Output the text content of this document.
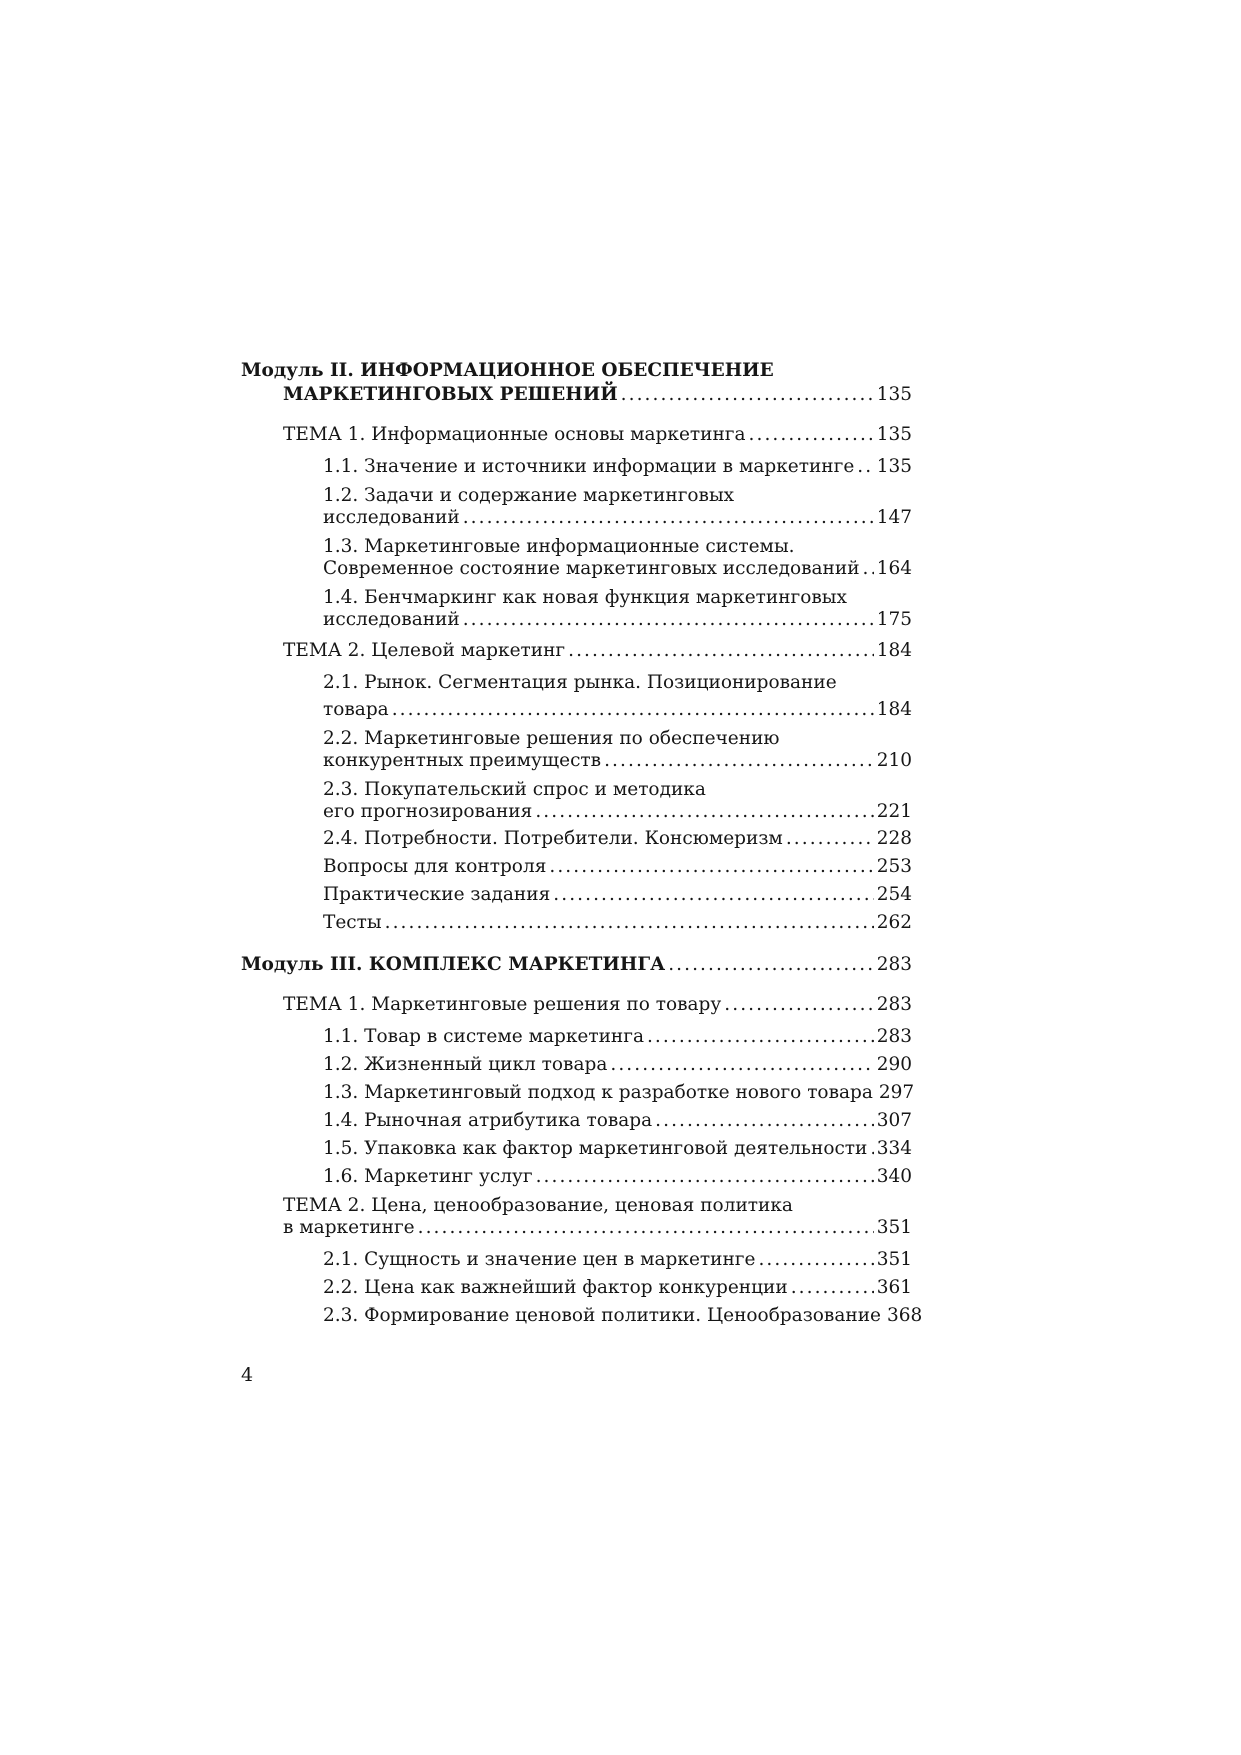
Модуль II. ИНФОРМАЦИОННОЕ ОБЕСПЕЧЕНИЕ
МАРКЕТИНГОВЫХ РЕШЕНИЙ . . .	135
ТЕМА 1. Информационные основы маркетинга . . .	135
1.1. Значение и источники информации в маркетинге . . . 135
1.2. Задачи и содержание маркетинговых
исследований . . .	147
1.3. Маркетинговые информационные системы.
Современное состояние маркетинговых исследований . . . 164
1.4. Бенчмаркинг как новая функция маркетинговых
исследований . . .	175
ТЕМА 2. Целевой маркетинг . . .	184
2.1. Рынок. Сегментация рынка. Позиционирование
товара . . .	184
2.2. Маркетинговые решения по обеспечению
конкурентных преимуществ . . .	210
2.3. Покупательский спрос и методика
его прогнозирования . . .	221
2.4. Потребности. Потребители. Консюмеризм . . .	228
Вопросы для контроля . . .	253
Практические задания . . .	254
Тесты . . .	262
Модуль III. КОМПЛЕКС МАРКЕТИНГА . . .	283
ТЕМА 1. Маркетинговые решения по товару . . .	283
1.1. Товар в системе маркетинга . . .	283
1.2. Жизненный цикл товара . . .	290
1.3. Маркетинговый подход к разработке нового товара 297
1.4. Рыночная атрибутика товара . . .	307
1.5. Упаковка как фактор маркетинговой деятельности . . . 334
1.6. Маркетинг услуг . . .	340
ТЕМА 2. Цена, ценообразование, ценовая политика
в маркетинге . . .	351
2.1. Сущность и значение цен в маркетинге . . .	351
2.2. Цена как важнейший фактор конкуренции . . .	361
2.3. Формирование ценовой политики. Ценообразование 368
4
